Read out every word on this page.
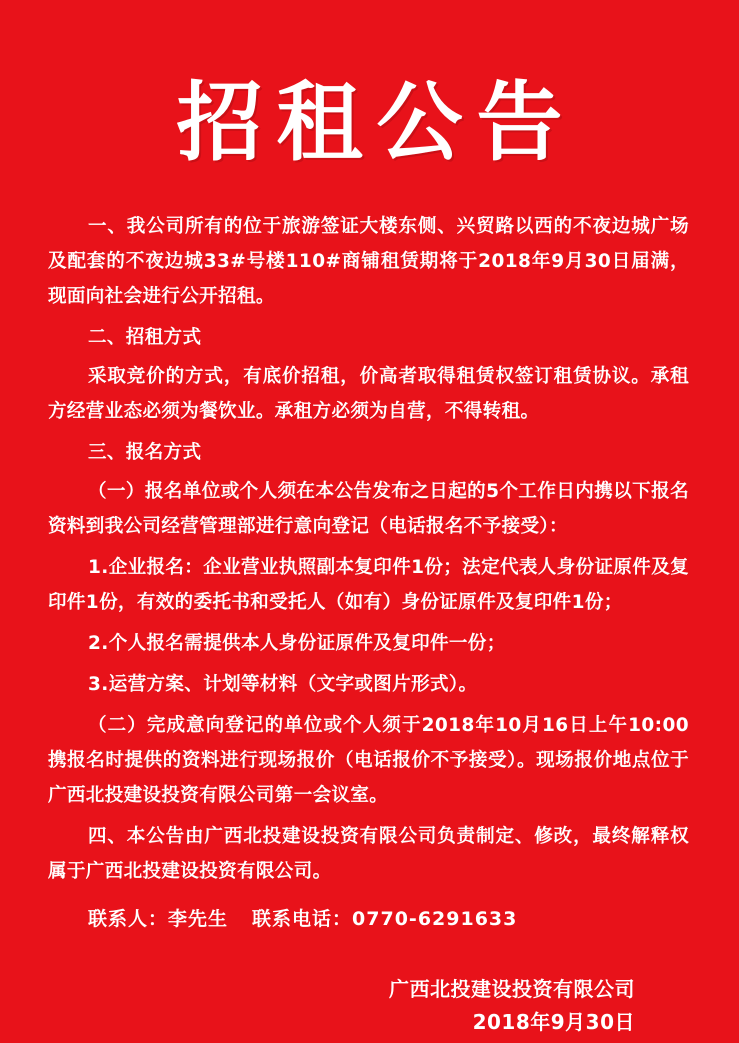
招租公告

一、我公司所有的位于旅游签证大楼东侧、兴贸路以西的不夜边城广场及配套的不夜边城33#号楼110#商铺租赁期将于2018年9月30日届满，现面向社会进行公开招租。

二、招租方式

采取竞价的方式，有底价招租，价高者取得租赁权签订租赁协议。承租方经营业态必须为餐饮业。承租方必须为自营，不得转租。

三、报名方式

（一）报名单位或个人须在本公告发布之日起的5个工作日内携以下报名资料到我公司经营管理部进行意向登记（电话报名不予接受）：

1.企业报名：企业营业执照副本复印件1份；法定代表人身份证原件及复印件1份，有效的委托书和受托人（如有）身份证原件及复印件1份；

2.个人报名需提供本人身份证原件及复印件一份；

3.运营方案、计划等材料（文字或图片形式）。

（二）完成意向登记的单位或个人须于2018年10月16日上午10:00携报名时提供的资料进行现场报价（电话报价不予接受）。现场报价地点位于广西北投建设投资有限公司第一会议室。

四、本公告由广西北投建设投资有限公司负责制定、修改，最终解释权属于广西北投建设投资有限公司。

联系人：李先生 联系电话：0770-6291633

广西北投建设投资有限公司
2018年9月30日
